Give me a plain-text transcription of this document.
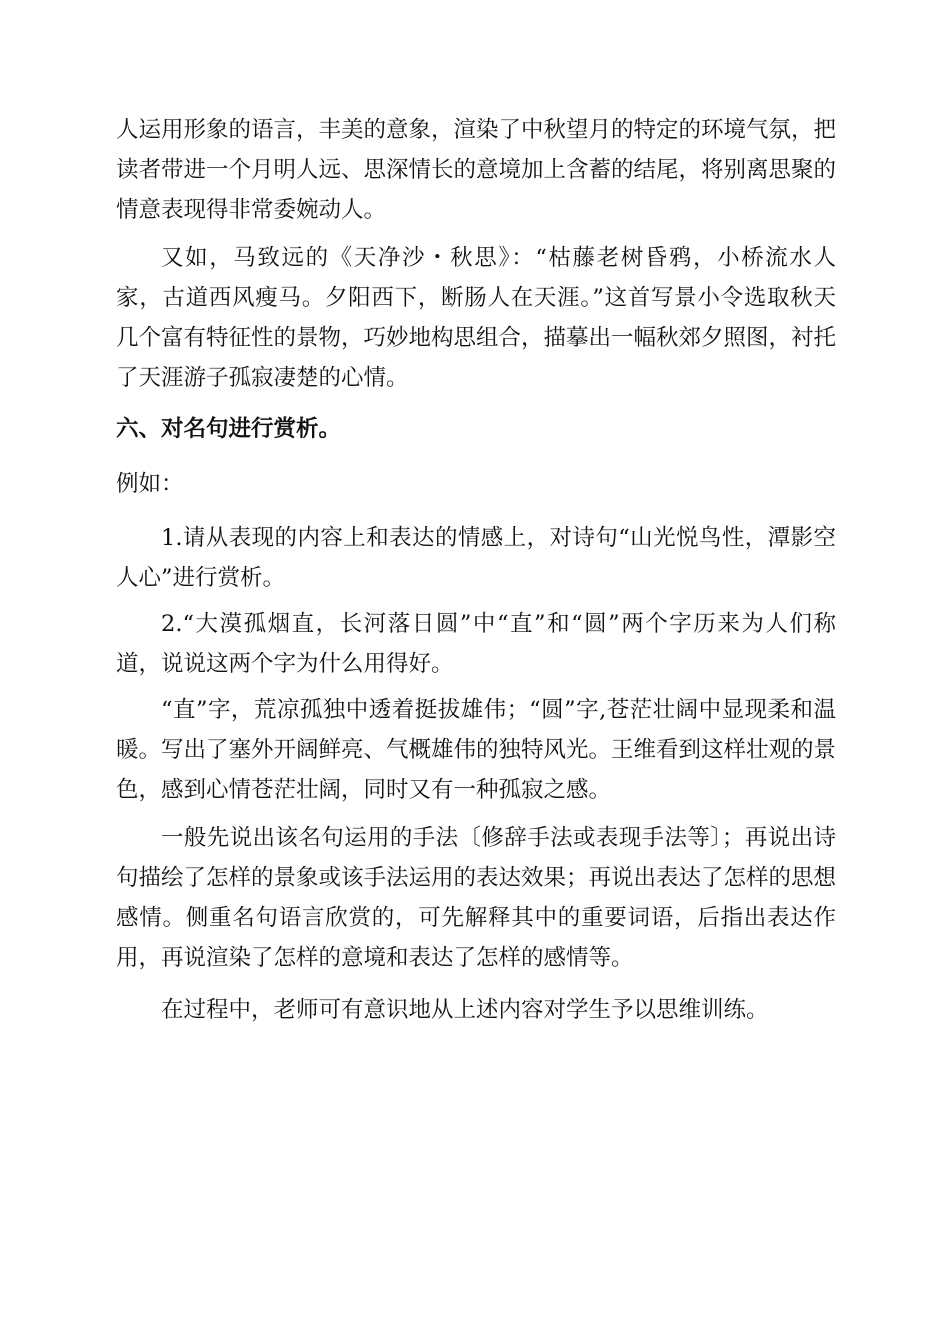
人运用形象的语言，丰美的意象，渲染了中秋望月的特定的环境气氛，把读者带进一个月明人远、思深情长的意境加上含蓄的结尾，将别离思聚的情意表现得非常委婉动人。

又如，马致远的《天净沙・秋思》：“枯藤老树昏鸦，小桥流水人家，古道西风瘦马。夕阳西下，断肠人在天涯。”这首写景小令选取秋天几个富有特征性的景物，巧妙地构思组合，描摹出一幅秋郊夕照图，衬托了天涯游子孤寂凄楚的心情。

六、对名句进行赏析。

例如：

1.请从表现的内容上和表达的情感上，对诗句“山光悦鸟性，潭影空人心”进行赏析。

2.“大漠孤烟直，长河落日圆”中“直”和“圆”两个字历来为人们称道，说说这两个字为什么用得好。

“直”字，荒凉孤独中透着挺拔雄伟；“圆”字,苍茫壮阔中显现柔和温暖。写出了塞外开阔鲜亮、气概雄伟的独特风光。王维看到这样壮观的景色，感到心情苍茫壮阔，同时又有一种孤寂之感。

一般先说出该名句运用的手法〔修辞手法或表现手法等〕；再说出诗句描绘了怎样的景象或该手法运用的表达效果；再说出表达了怎样的思想感情。侧重名句语言欣赏的，可先解释其中的重要词语，后指出表达作用，再说渲染了怎样的意境和表达了怎样的感情等。

在过程中，老师可有意识地从上述内容对学生予以思维训练。
